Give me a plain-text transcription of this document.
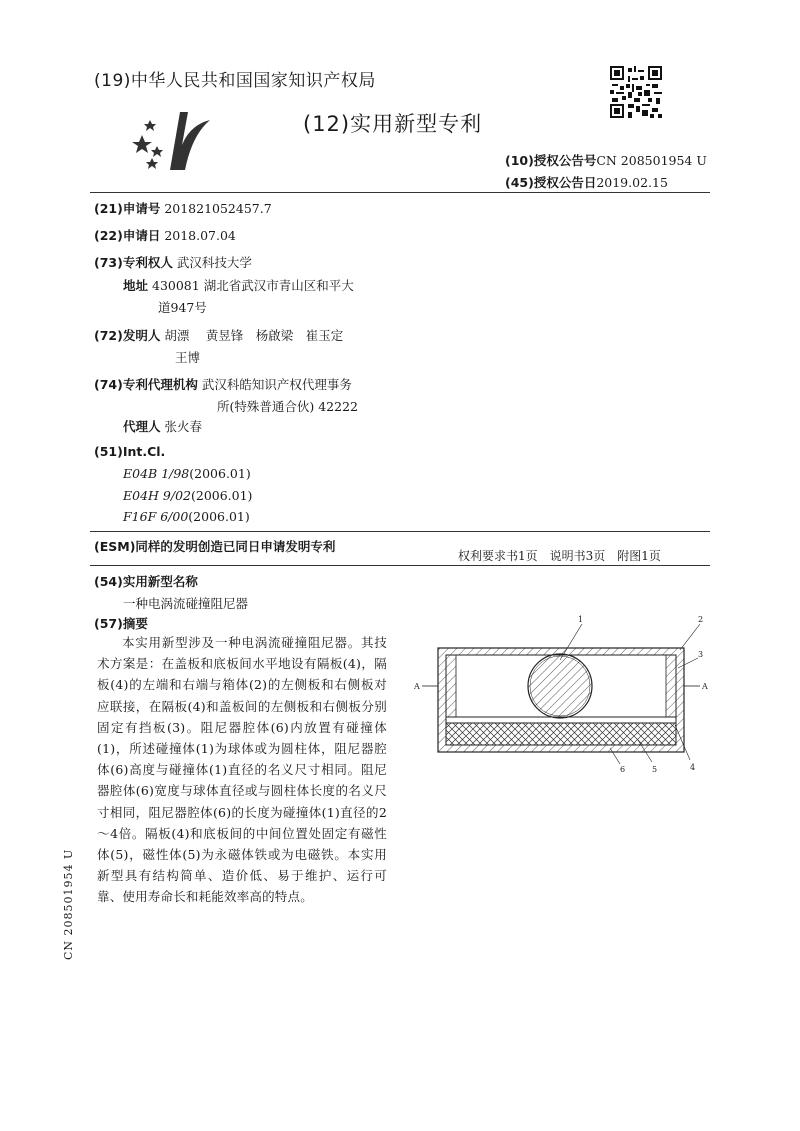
(19)中华人民共和国国家知识产权局
(12)实用新型专利
(10)授权公告号CN 208501954 U
(45)授权公告日2019.02.15
(21)申请号 201821052457.7
(22)申请日 2018.07.04
(73)专利权人 武汉科技大学
地址 430081 湖北省武汉市青山区和平大
道947号
(72)发明人 胡漂　 黄昱锋　杨啟梁　崔玉定
王博
(74)专利代理机构 武汉科皓知识产权代理事务
所(特殊普通合伙) 42222
代理人 张火春
(51)Int.Cl.
E04B 1/98(2006.01)
E04H 9/02(2006.01)
F16F 6/00(2006.01)
(ESM)同样的发明创造已同日申请发明专利
权利要求书1页　说明书3页　附图1页
(54)实用新型名称
一种电涡流碰撞阻尼器
(57)摘要
本实用新型涉及一种电涡流碰撞阻尼器。其技术方案是：在盖板和底板间水平地设有隔板(4)，隔板(4)的左端和右端与箱体(2)的左侧板和右侧板对应联接，在隔板(4)和盖板间的左侧板和右侧板分别固定有挡板(3)。阻尼器腔体(6)内放置有碰撞体(1)，所述碰撞体(1)为球体或为圆柱体，阻尼器腔体(6)高度与碰撞体(1)直径的名义尺寸相同。阻尼器腔体(6)宽度与球体直径或与圆柱体长度的名义尺寸相同，阻尼器腔体(6)的长度为碰撞体(1)直径的2～4倍。隔板(4)和底板间的中间位置处固定有磁性体(5)，磁性体(5)为永磁体铁或为电磁铁。本实用新型具有结构简单、造价低、易于维护、运行可靠、使用寿命长和耗能效率高的特点。
1	2
3
A	A
6	5	4
CN 208501954 U
